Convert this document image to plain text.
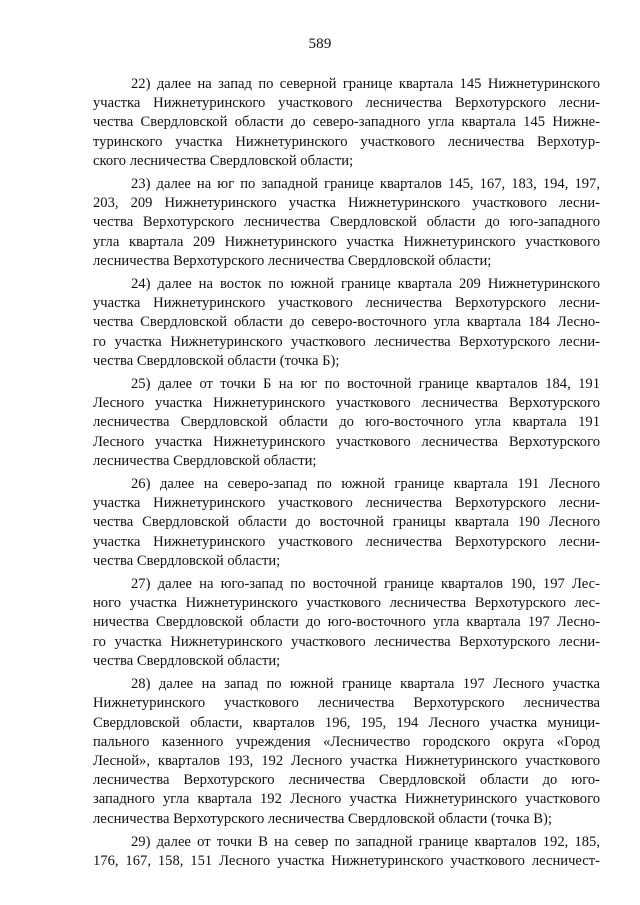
589
22) далее на запад по северной границе квартала 145 Нижнетуринского
участка Нижнетуринского участкового лесничества Верхотурского лесни-
чества Свердловской области до северо-западного угла квартала 145 Нижне-
туринского участка Нижнетуринского участкового лесничества Верхотур-
ского лесничества Свердловской области;
23) далее на юг по западной границе кварталов 145, 167, 183, 194, 197,
203, 209 Нижнетуринского участка Нижнетуринского участкового лесни-
чества Верхотурского лесничества Свердловской области до юго-западного
угла квартала 209 Нижнетуринского участка Нижнетуринского участкового
лесничества Верхотурского лесничества Свердловской области;
24) далее на восток по южной границе квартала 209 Нижнетуринского
участка Нижнетуринского участкового лесничества Верхотурского лесни-
чества Свердловской области до северо-восточного угла квартала 184 Лесно-
го участка Нижнетуринского участкового лесничества Верхотурского лесни-
чества Свердловской области (точка Б);
25) далее от точки Б на юг по восточной границе кварталов 184, 191
Лесного участка Нижнетуринского участкового лесничества Верхотурского
лесничества Свердловской области до юго-восточного угла квартала 191
Лесного участка Нижнетуринского участкового лесничества Верхотурского
лесничества Свердловской области;
26) далее на северо-запад по южной границе квартала 191 Лесного
участка Нижнетуринского участкового лесничества Верхотурского лесни-
чества Свердловской области до восточной границы квартала 190 Лесного
участка Нижнетуринского участкового лесничества Верхотурского лесни-
чества Свердловской области;
27) далее на юго-запад по восточной границе кварталов 190, 197 Лес-
ного участка Нижнетуринского участкового лесничества Верхотурского лес-
ничества Свердловской области до юго-восточного угла квартала 197 Лесно-
го участка Нижнетуринского участкового лесничества Верхотурского лесни-
чества Свердловской области;
28) далее на запад по южной границе квартала 197 Лесного участка
Нижнетуринского участкового лесничества Верхотурского лесничества
Свердловской области, кварталов 196, 195, 194 Лесного участка муници-
пального казенного учреждения «Лесничество городского округа «Город
Лесной», кварталов 193, 192 Лесного участка Нижнетуринского участкового
лесничества Верхотурского лесничества Свердловской области до юго-
западного угла квартала 192 Лесного участка Нижнетуринского участкового
лесничества Верхотурского лесничества Свердловской области (точка В);
29) далее от точки В на север по западной границе кварталов 192, 185,
176, 167, 158, 151 Лесного участка Нижнетуринского участкового лесничест-
